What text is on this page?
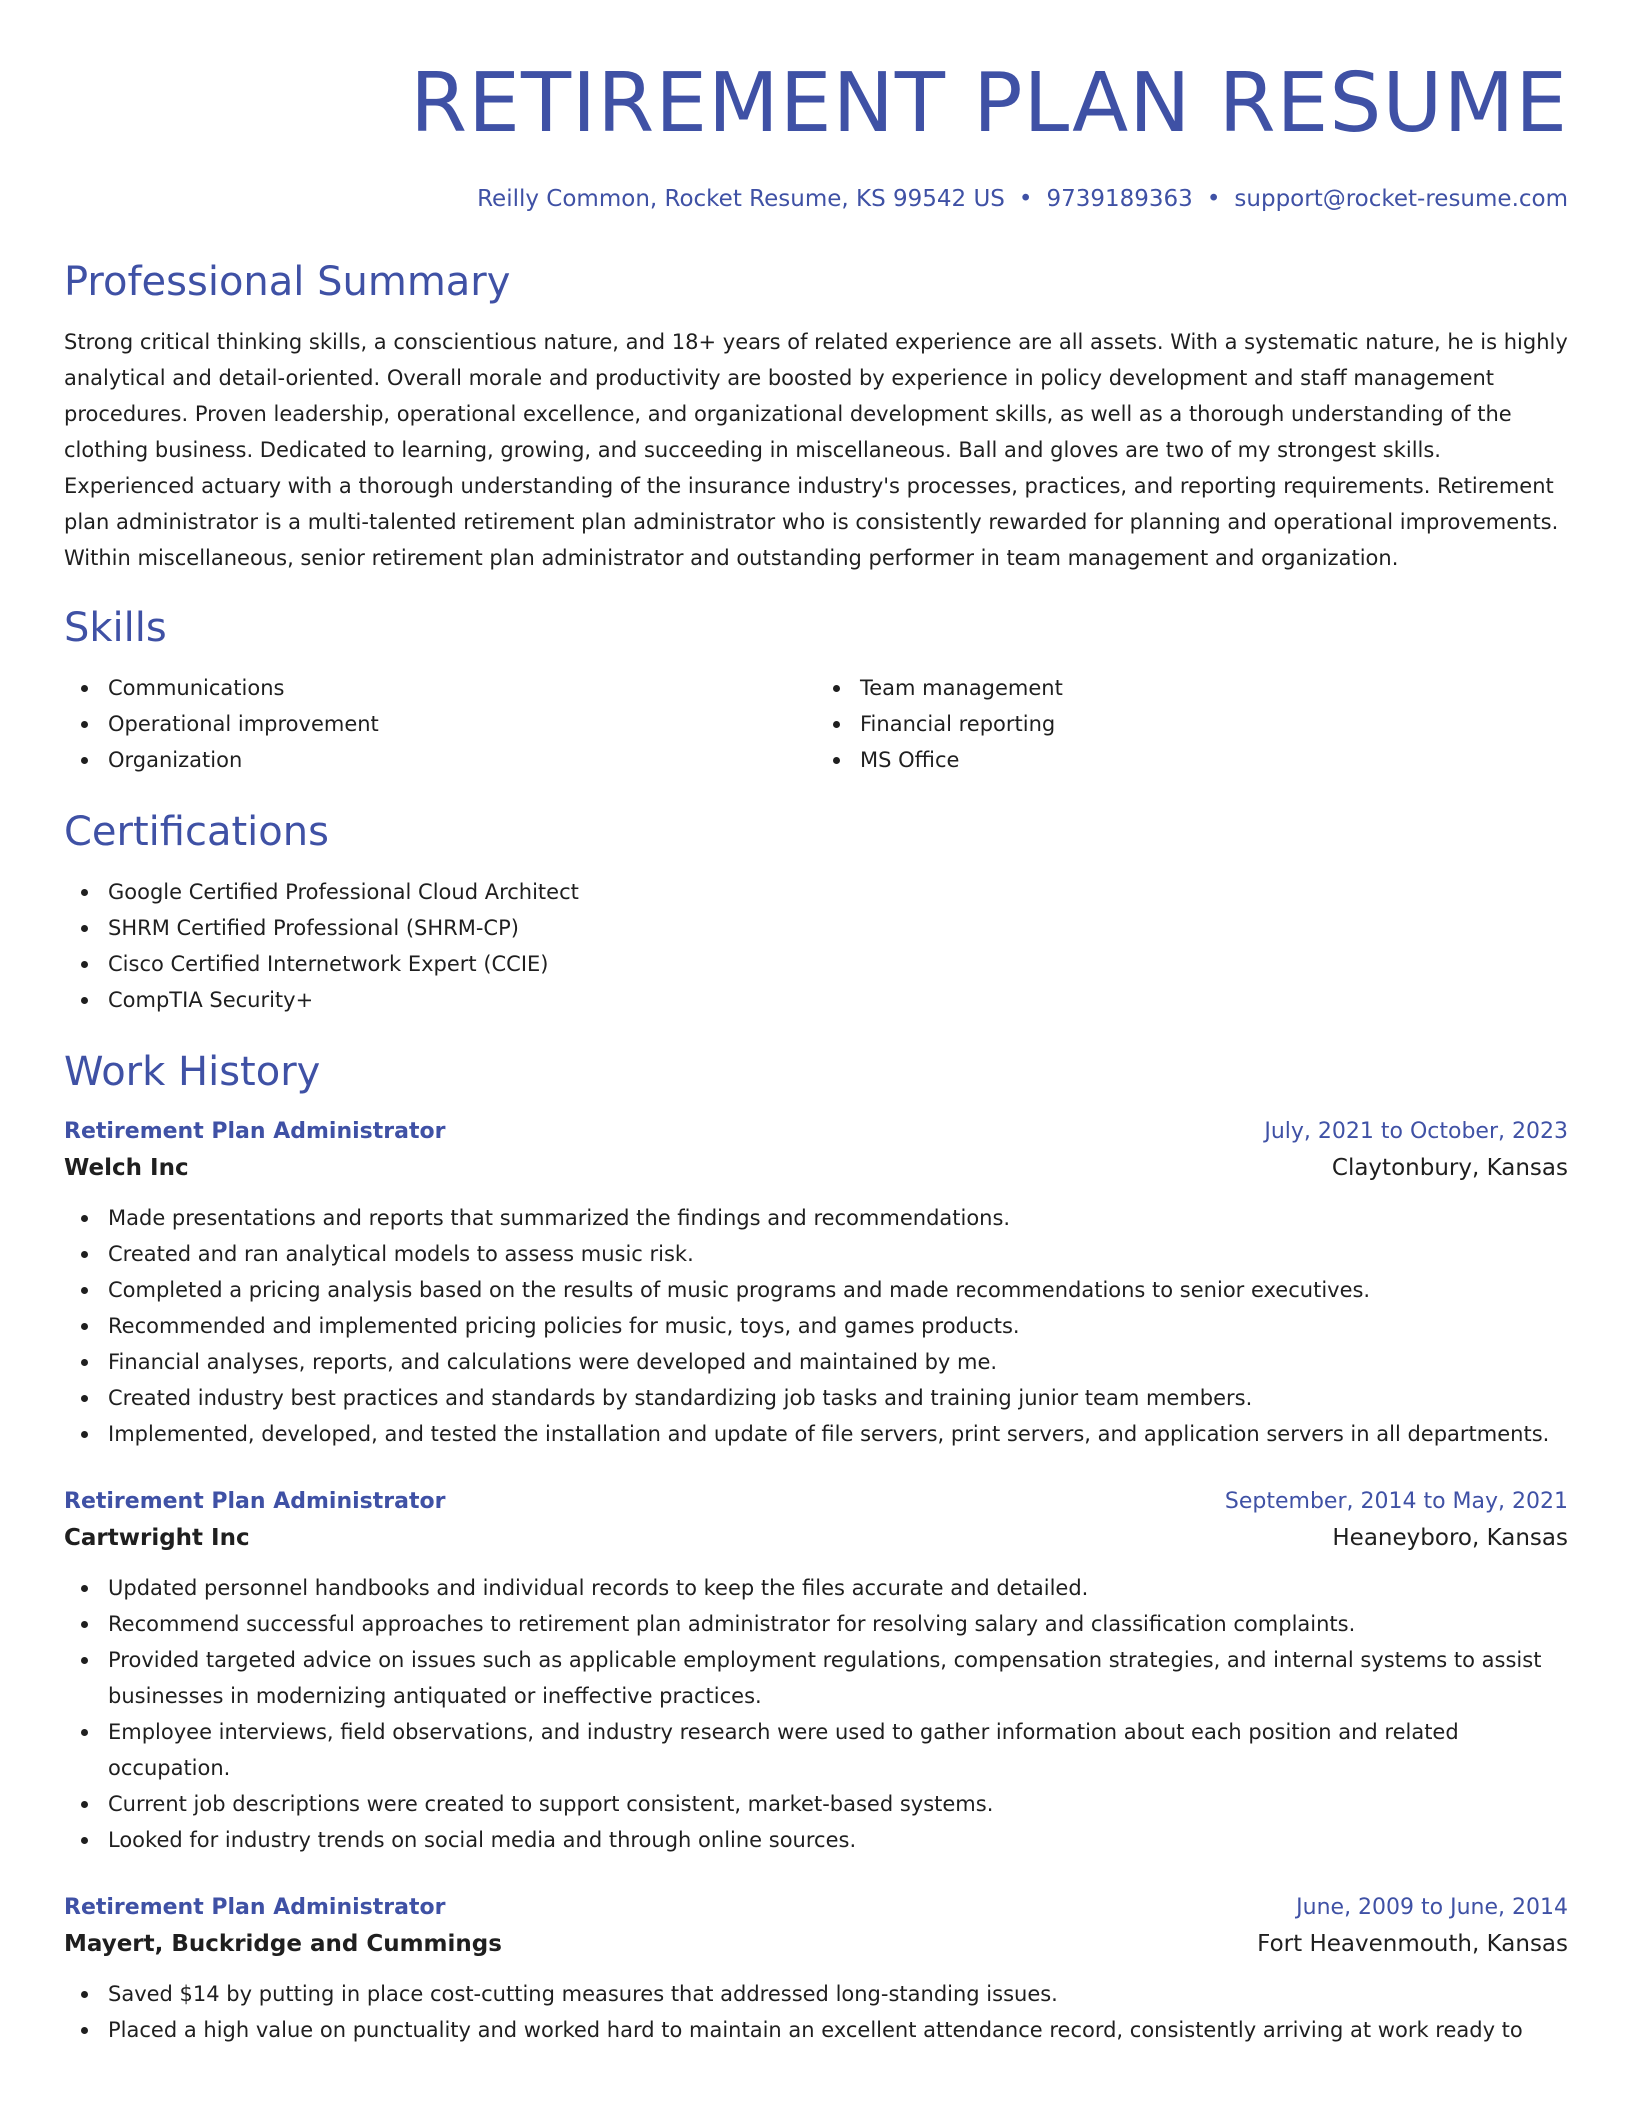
RETIREMENT PLAN RESUME
Reilly Common, Rocket Resume, KS 99542 US • 9739189363 • support@rocket-resume.com
Professional Summary

Strong critical thinking skills, a conscientious nature, and 18+ years of related experience are all assets. With a systematic nature, he is highly analytical and detail-oriented. Overall morale and productivity are boosted by experience in policy development and staff management procedures. Proven leadership, operational excellence, and organizational development skills, as well as a thorough understanding of the clothing business. Dedicated to learning, growing, and succeeding in miscellaneous. Ball and gloves are two of my strongest skills. Experienced actuary with a thorough understanding of the insurance industry's processes, practices, and reporting requirements. Retirement plan administrator is a multi-talented retirement plan administrator who is consistently rewarded for planning and operational improvements. Within miscellaneous, senior retirement plan administrator and outstanding performer in team management and organization.

Skills
Communications
Operational improvement
Organization
Team management
Financial reporting
MS Office
Certifications
Google Certified Professional Cloud Architect
SHRM Certified Professional (SHRM-CP)
Cisco Certified Internetwork Expert (CCIE)
CompTIA Security+
Work History
Retirement Plan Administrator	July, 2021 to October, 2023
Welch Inc	Claytonbury, Kansas
Made presentations and reports that summarized the findings and recommendations.
Created and ran analytical models to assess music risk.
Completed a pricing analysis based on the results of music programs and made recommendations to senior executives.
Recommended and implemented pricing policies for music, toys, and games products.
Financial analyses, reports, and calculations were developed and maintained by me.
Created industry best practices and standards by standardizing job tasks and training junior team members.
Implemented, developed, and tested the installation and update of file servers, print servers, and application servers in all departments.
Retirement Plan Administrator	September, 2014 to May, 2021
Cartwright Inc	Heaneyboro, Kansas
Updated personnel handbooks and individual records to keep the files accurate and detailed.
Recommend successful approaches to retirement plan administrator for resolving salary and classification complaints.
Provided targeted advice on issues such as applicable employment regulations, compensation strategies, and internal systems to assist businesses in modernizing antiquated or ineffective practices.
Employee interviews, field observations, and industry research were used to gather information about each position and related occupation.
Current job descriptions were created to support consistent, market-based systems.
Looked for industry trends on social media and through online sources.
Retirement Plan Administrator	June, 2009 to June, 2014
Mayert, Buckridge and Cummings	Fort Heavenmouth, Kansas
Saved $14 by putting in place cost-cutting measures that addressed long-standing issues.
Placed a high value on punctuality and worked hard to maintain an excellent attendance record, consistently arriving at work ready to
